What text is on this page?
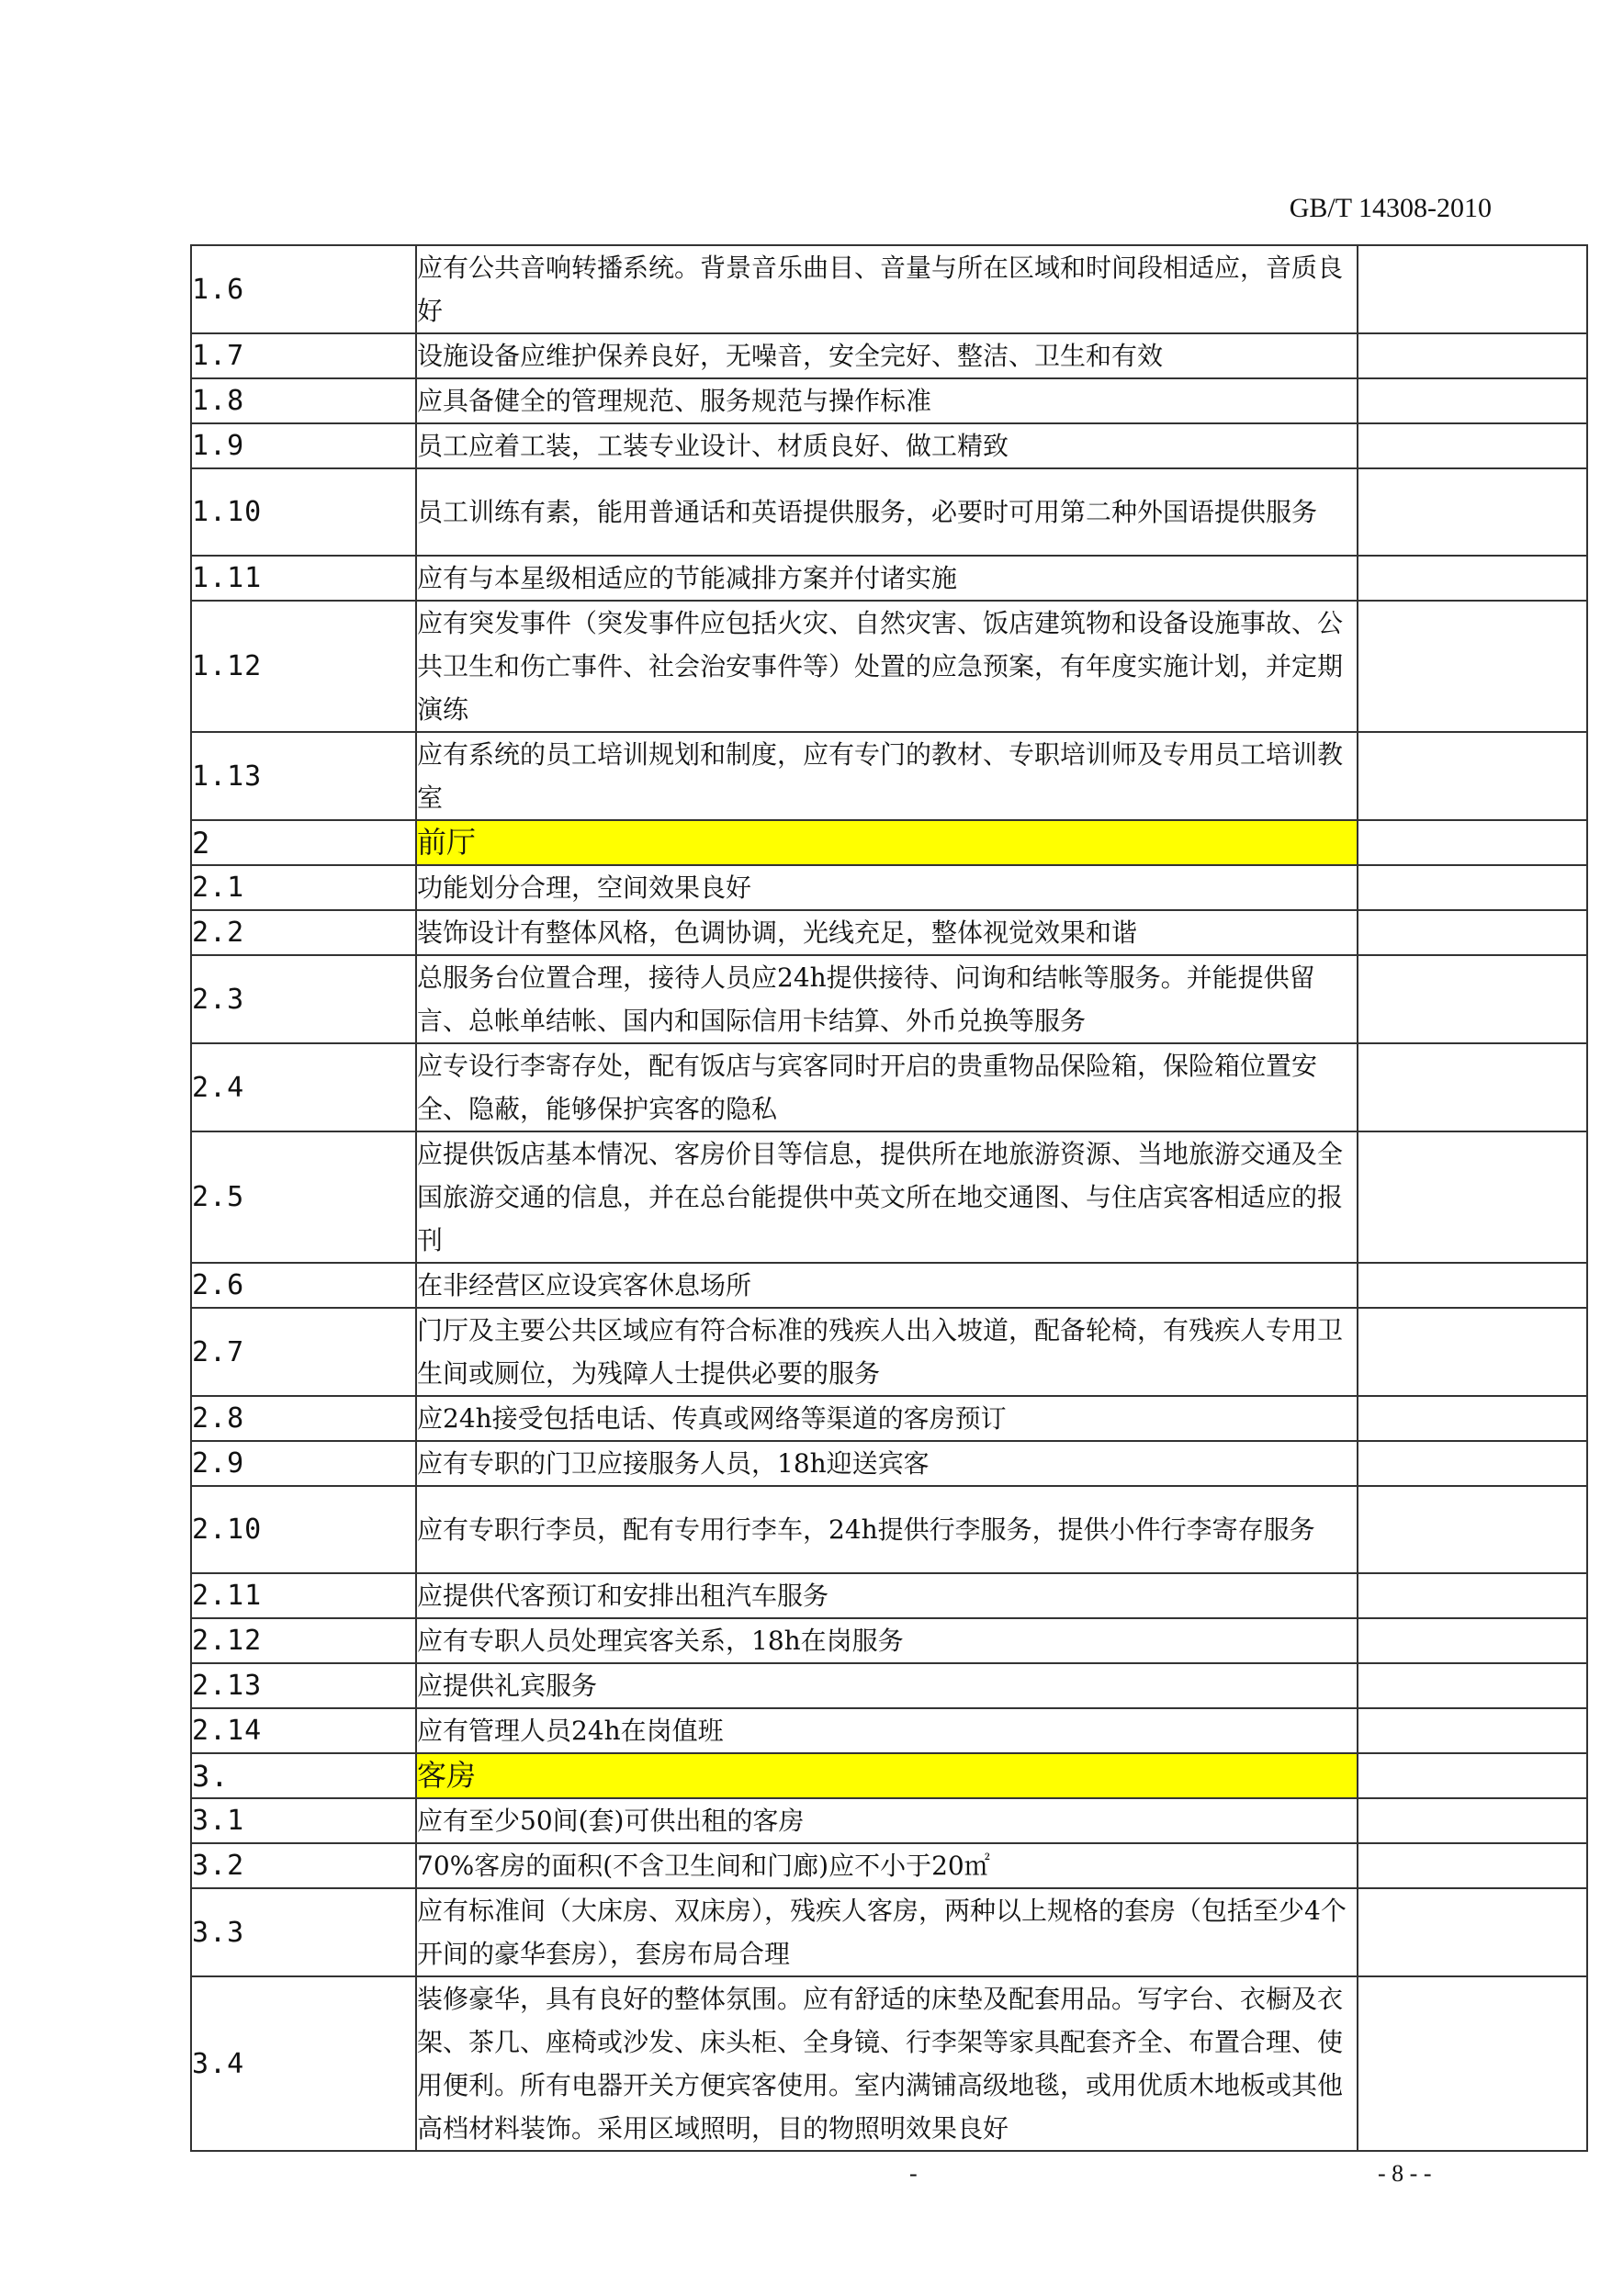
GB/T 14308-2010
1.6	应有公共音响转播系统。背景音乐曲目、音量与所在区域和时间段相适应，音质良好	
1.7	设施设备应维护保养良好，无噪音，安全完好、整洁、卫生和有效	
1.8	应具备健全的管理规范、服务规范与操作标准	
1.9	员工应着工装，工装专业设计、材质良好、做工精致	
1.10	员工训练有素，能用普通话和英语提供服务，必要时可用第二种外国语提供服务	
1.11	应有与本星级相适应的节能减排方案并付诸实施	
1.12	应有突发事件（突发事件应包括火灾、自然灾害、饭店建筑物和设备设施事故、公共卫生和伤亡事件、社会治安事件等）处置的应急预案，有年度实施计划，并定期演练	
1.13	应有系统的员工培训规划和制度，应有专门的教材、专职培训师及专用员工培训教室	
2	前厅	
2.1	功能划分合理，空间效果良好	
2.2	装饰设计有整体风格，色调协调，光线充足，整体视觉效果和谐	
2.3	总服务台位置合理，接待人员应24h提供接待、问询和结帐等服务。并能提供留言、总帐单结帐、国内和国际信用卡结算、外币兑换等服务	
2.4	应专设行李寄存处，配有饭店与宾客同时开启的贵重物品保险箱，保险箱位置安全、隐蔽，能够保护宾客的隐私	
2.5	应提供饭店基本情况、客房价目等信息，提供所在地旅游资源、当地旅游交通及全国旅游交通的信息，并在总台能提供中英文所在地交通图、与住店宾客相适应的报刊	
2.6	在非经营区应设宾客休息场所	
2.7	门厅及主要公共区域应有符合标准的残疾人出入坡道，配备轮椅，有残疾人专用卫生间或厕位，为残障人士提供必要的服务	
2.8	应24h接受包括电话、传真或网络等渠道的客房预订	
2.9	应有专职的门卫应接服务人员，18h迎送宾客	
2.10	应有专职行李员，配有专用行李车，24h提供行李服务，提供小件行李寄存服务	
2.11	应提供代客预订和安排出租汽车服务	
2.12	应有专职人员处理宾客关系，18h在岗服务	
2.13	应提供礼宾服务	
2.14	应有管理人员24h在岗值班	
3.	客房	
3.1	应有至少50间(套)可供出租的客房	
3.2	70%客房的面积(不含卫生间和门廊)应不小于20㎡	
3.3	应有标准间（大床房、双床房），残疾人客房，两种以上规格的套房（包括至少4个开间的豪华套房），套房布局合理	
3.4	装修豪华，具有良好的整体氛围。应有舒适的床垫及配套用品。写字台、衣橱及衣架、茶几、座椅或沙发、床头柜、全身镜、行李架等家具配套齐全、布置合理、使用便利。所有电器开关方便宾客使用。室内满铺高级地毯，或用优质木地板或其他高档材料装饰。采用区域照明，目的物照明效果良好	
-	- 8 - -
